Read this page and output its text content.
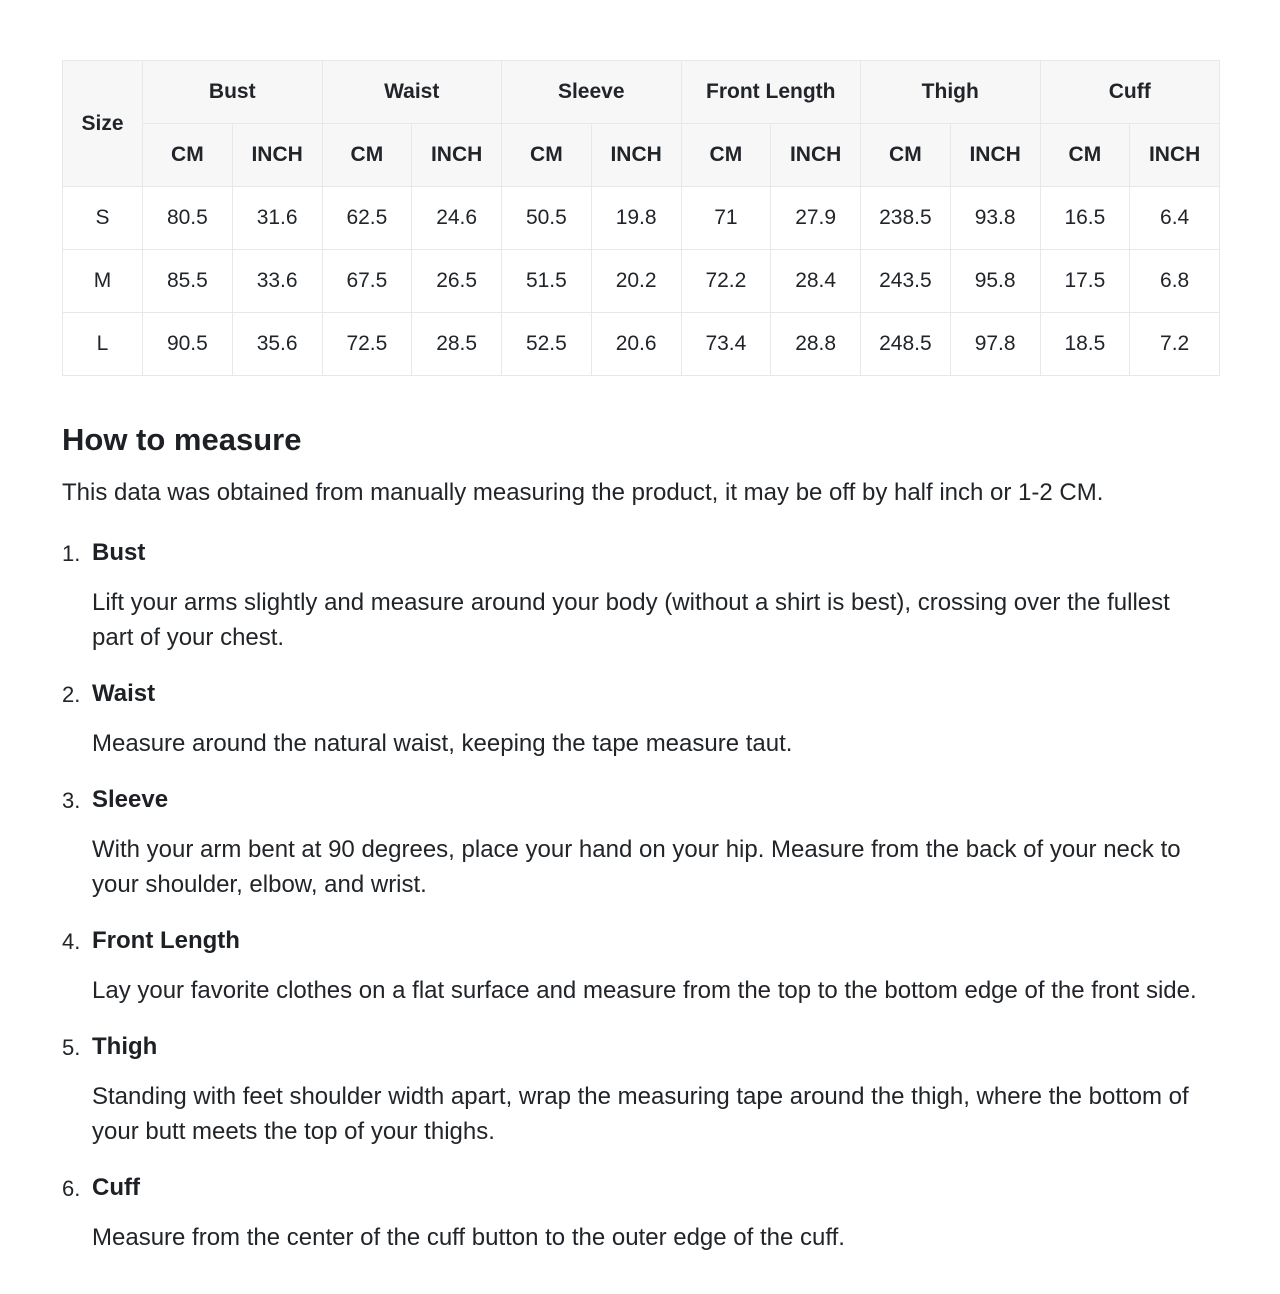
Size	Bust		Waist		Sleeve		Front Length		Thigh		Cuff	
	CM	INCH	CM	INCH	CM	INCH	CM	INCH	CM	INCH	CM	INCH
S	80.5	31.6	62.5	24.6	50.5	19.8	71	27.9	238.5	93.8	16.5	6.4
M	85.5	33.6	67.5	26.5	51.5	20.2	72.2	28.4	243.5	95.8	17.5	6.8
L	90.5	35.6	72.5	28.5	52.5	20.6	73.4	28.8	248.5	97.8	18.5	7.2
How to measure

This data was obtained from manually measuring the product, it may be off by half inch or 1-2 CM.

1. Bust
Lift your arms slightly and measure around your body (without a shirt is best), crossing over the fullest part of your chest.
2. Waist
Measure around the natural waist, keeping the tape measure taut.
3. Sleeve
With your arm bent at 90 degrees, place your hand on your hip. Measure from the back of your neck to your shoulder, elbow, and wrist.
4. Front Length
Lay your favorite clothes on a flat surface and measure from the top to the bottom edge of the front side.
5. Thigh
Standing with feet shoulder width apart, wrap the measuring tape around the thigh, where the bottom of your butt meets the top of your thighs.
6. Cuff
Measure from the center of the cuff button to the outer edge of the cuff.
